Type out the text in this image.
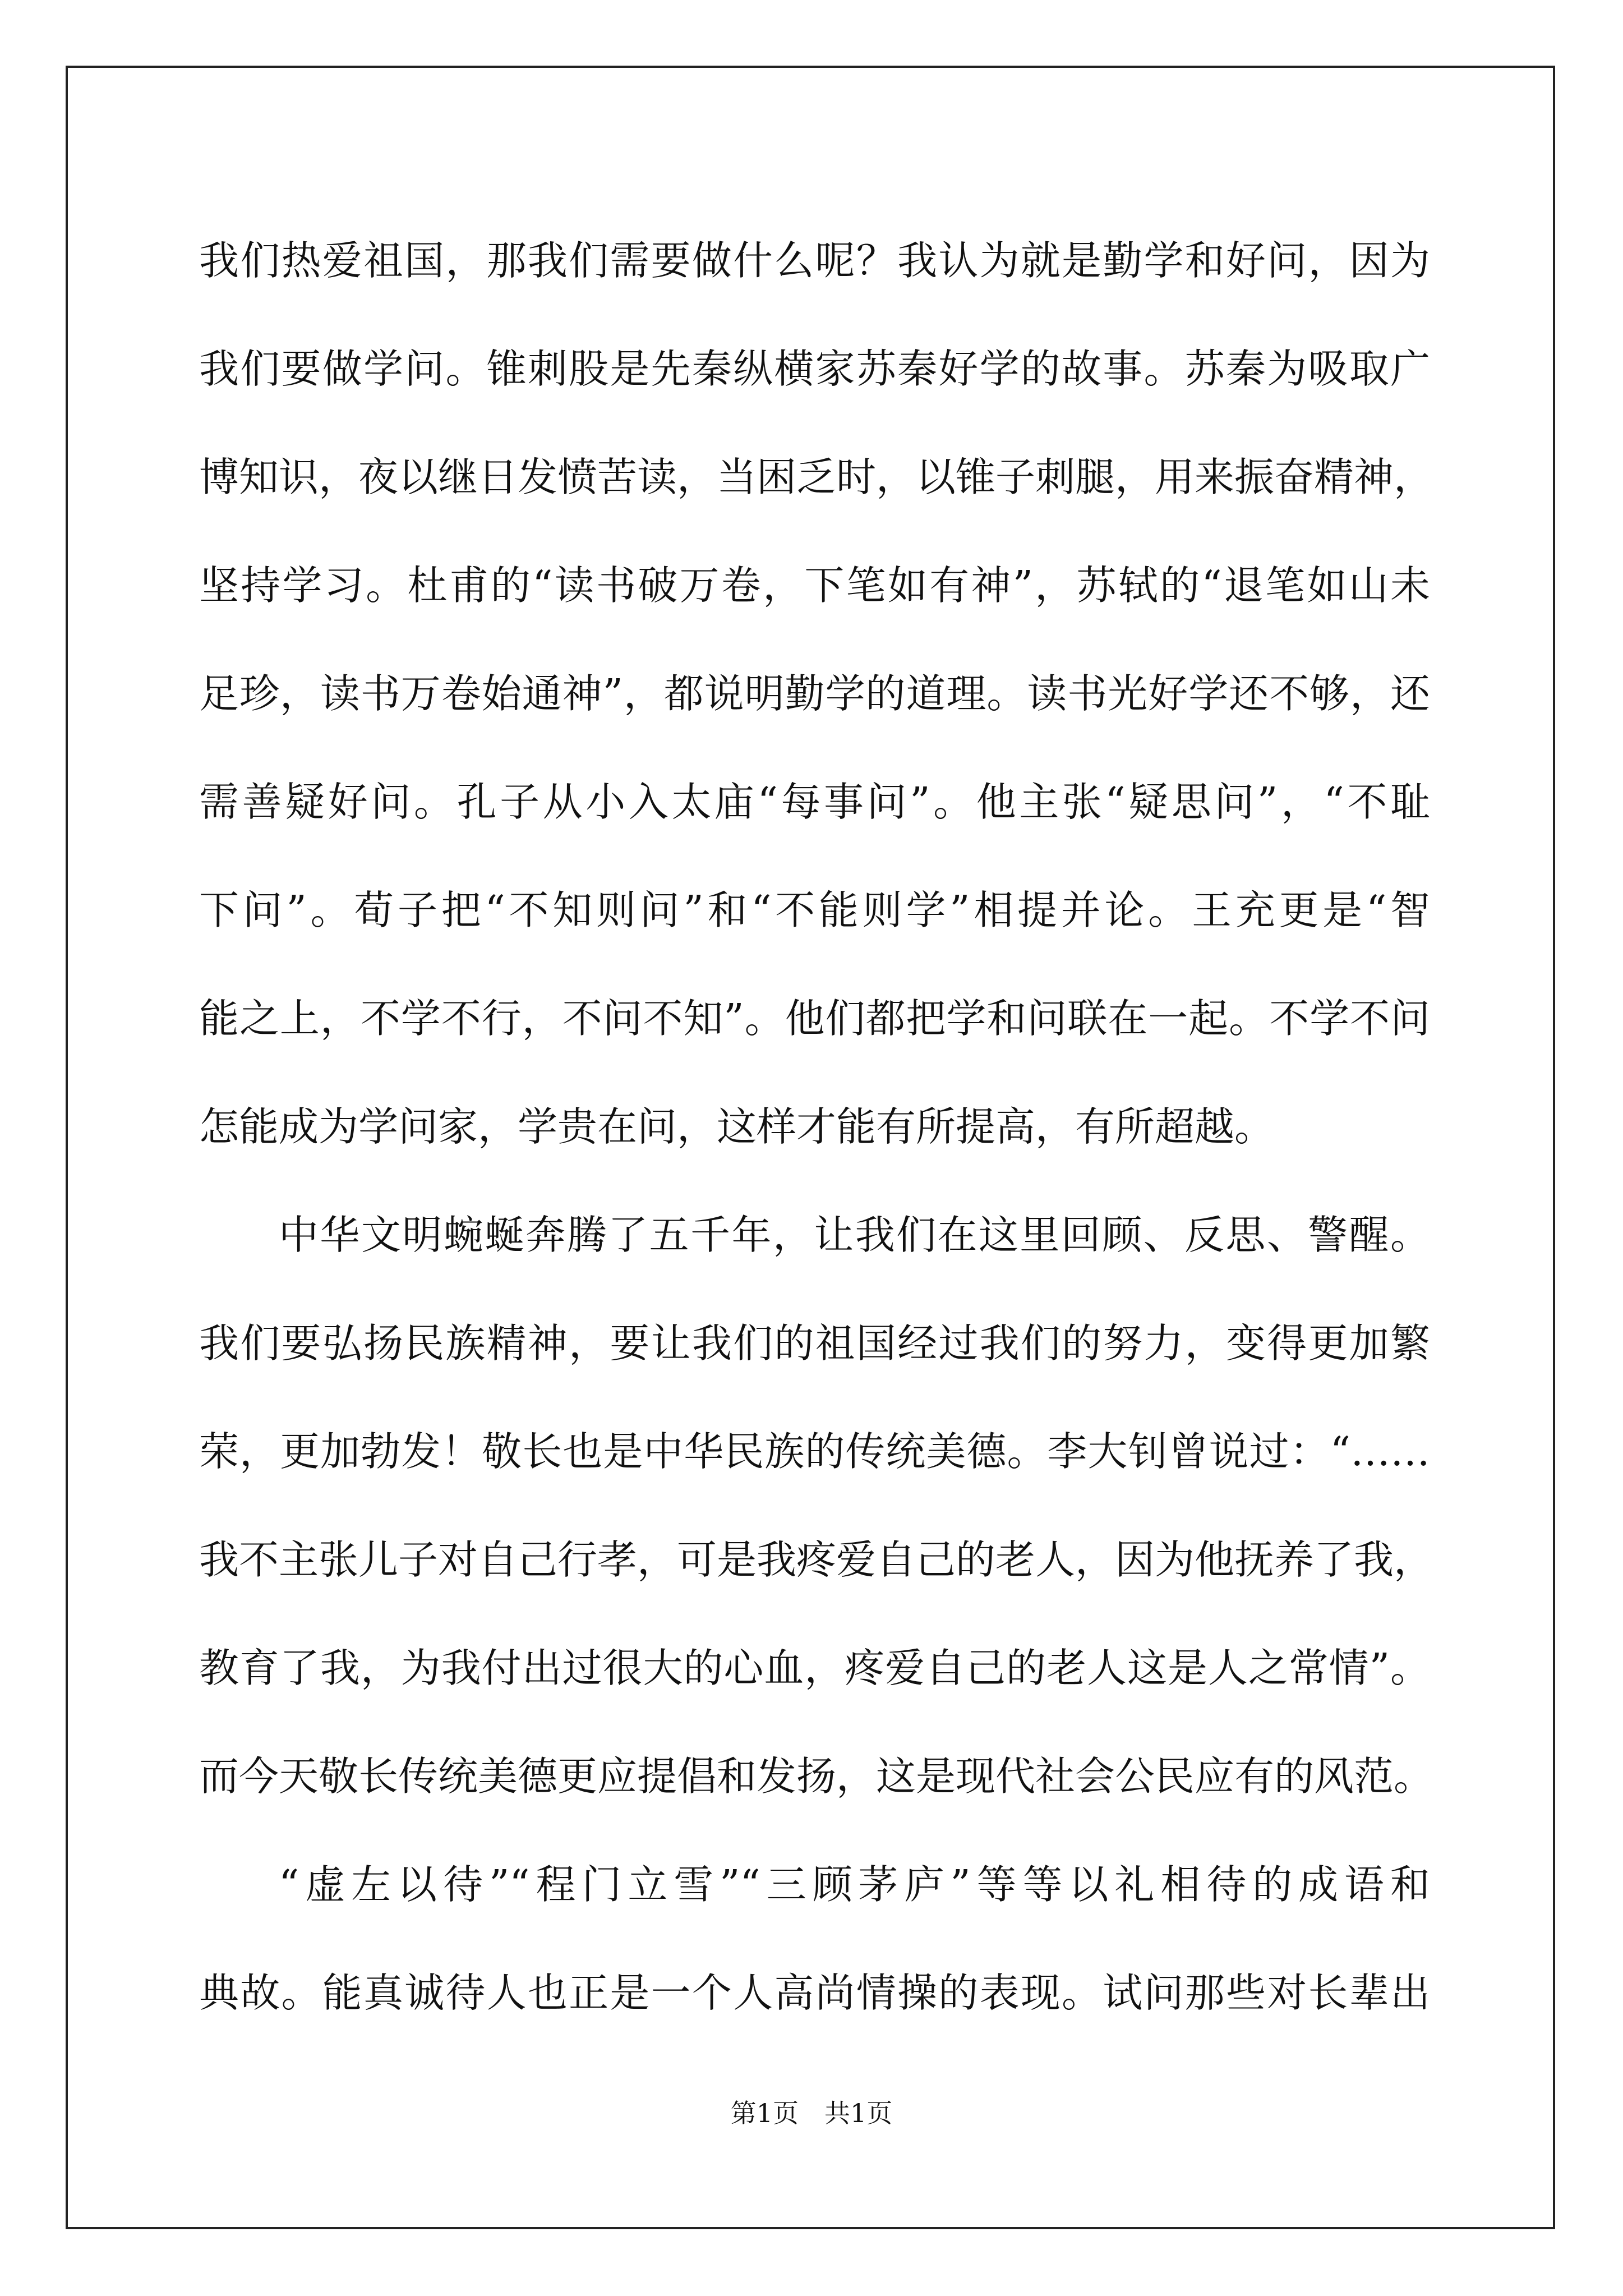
我们热爱祖国，那我们需要做什么呢？我认为就是勤学和好问，因为
我们要做学问。锥刺股是先秦纵横家苏秦好学的故事。苏秦为吸取广
博知识，夜以继日发愤苦读，当困乏时，以锥子刺腿，用来振奋精神，
坚持学习。杜甫的“读书破万卷，下笔如有神”，苏轼的“退笔如山未
足珍，读书万卷始通神”，都说明勤学的道理。读书光好学还不够，还
需善疑好问。孔子从小入太庙“每事问”。他主张“疑思问”，“不耻
下问”。荀子把“不知则问”和“不能则学”相提并论。王充更是“智
能之上，不学不行，不问不知”。他们都把学和问联在一起。不学不问
怎能成为学问家，学贵在问，这样才能有所提高，有所超越。
中华文明蜿蜒奔腾了五千年，让我们在这里回顾、反思、警醒。
我们要弘扬民族精神，要让我们的祖国经过我们的努力，变得更加繁
荣，更加勃发！敬长也是中华民族的传统美德。李大钊曾说过：“……
我不主张儿子对自己行孝，可是我疼爱自己的老人，因为他抚养了我，
教育了我，为我付出过很大的心血，疼爱自己的老人这是人之常情”。
而今天敬长传统美德更应提倡和发扬，这是现代社会公民应有的风范。
“虚左以待”“程门立雪”“三顾茅庐”等等以礼相待的成语和
典故。能真诚待人也正是一个人高尚情操的表现。试问那些对长辈出
第1页　共1页
